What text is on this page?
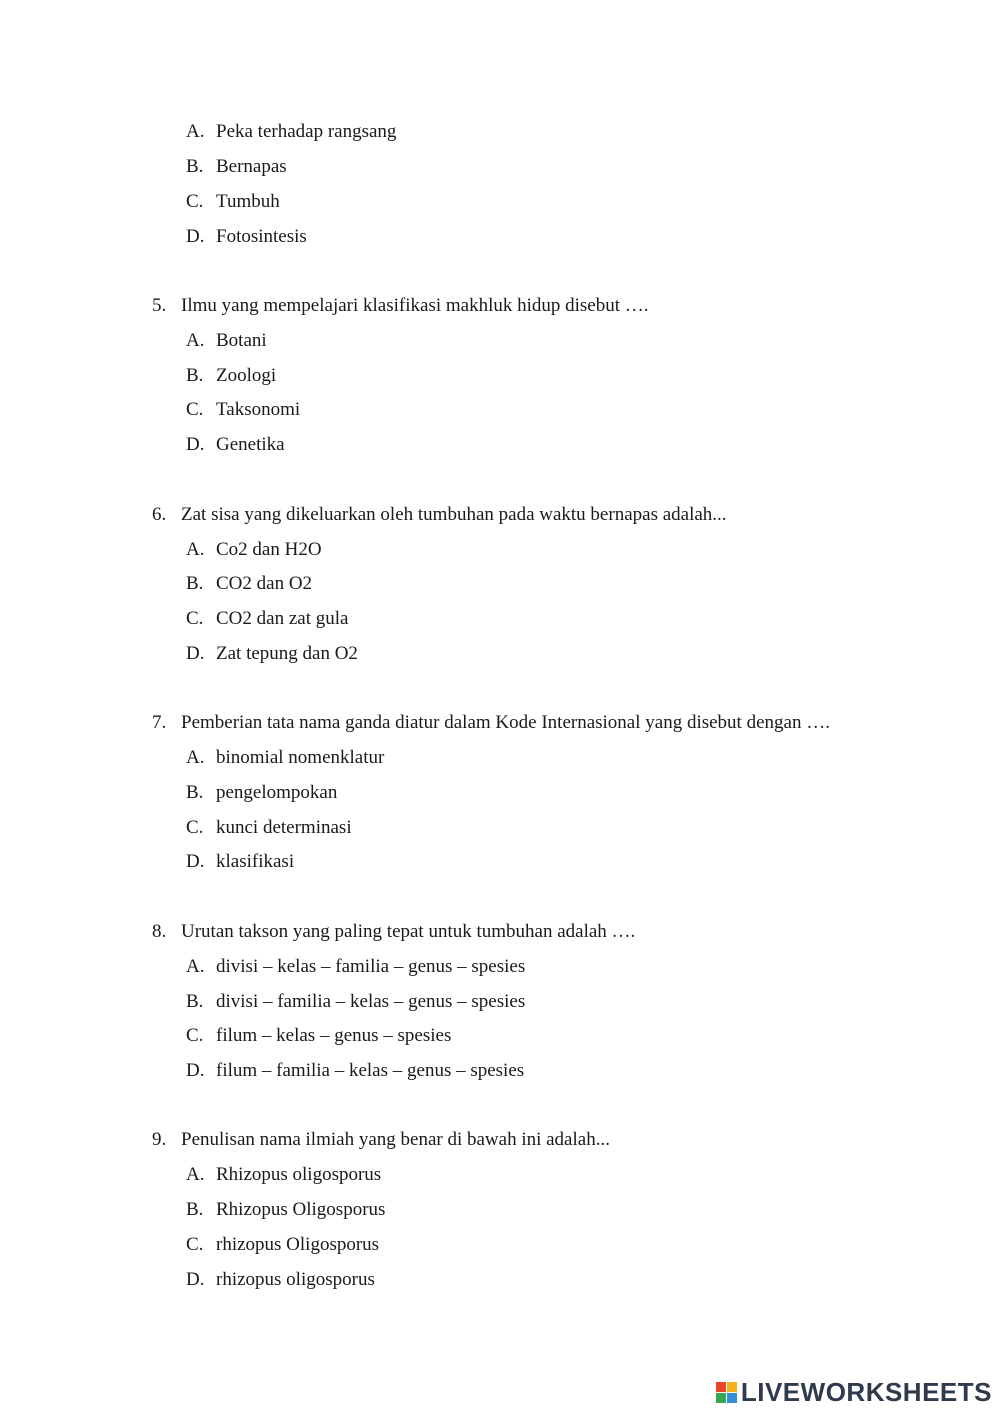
A. Peka terhadap rangsang
B. Bernapas
C. Tumbuh
D. Fotosintesis
5. Ilmu yang mempelajari klasifikasi makhluk hidup disebut ….
A. Botani
B. Zoologi
C. Taksonomi
D. Genetika
6. Zat sisa yang dikeluarkan oleh tumbuhan pada waktu bernapas adalah...
A. Co2 dan H2O
B. CO2 dan O2
C. CO2 dan zat gula
D. Zat tepung dan O2
7. Pemberian tata nama ganda diatur dalam Kode Internasional yang disebut dengan ….
A. binomial nomenklatur
B. pengelompokan
C. kunci determinasi
D. klasifikasi
8. Urutan takson yang paling tepat untuk tumbuhan adalah ….
A. divisi – kelas – familia – genus – spesies
B. divisi – familia – kelas – genus – spesies
C. filum – kelas – genus – spesies
D. filum – familia – kelas – genus – spesies
9. Penulisan nama ilmiah yang benar di bawah ini adalah...
A. Rhizopus oligosporus
B. Rhizopus Oligosporus
C. rhizopus Oligosporus
D. rhizopus oligosporus
LIVEWORKSHEETS
